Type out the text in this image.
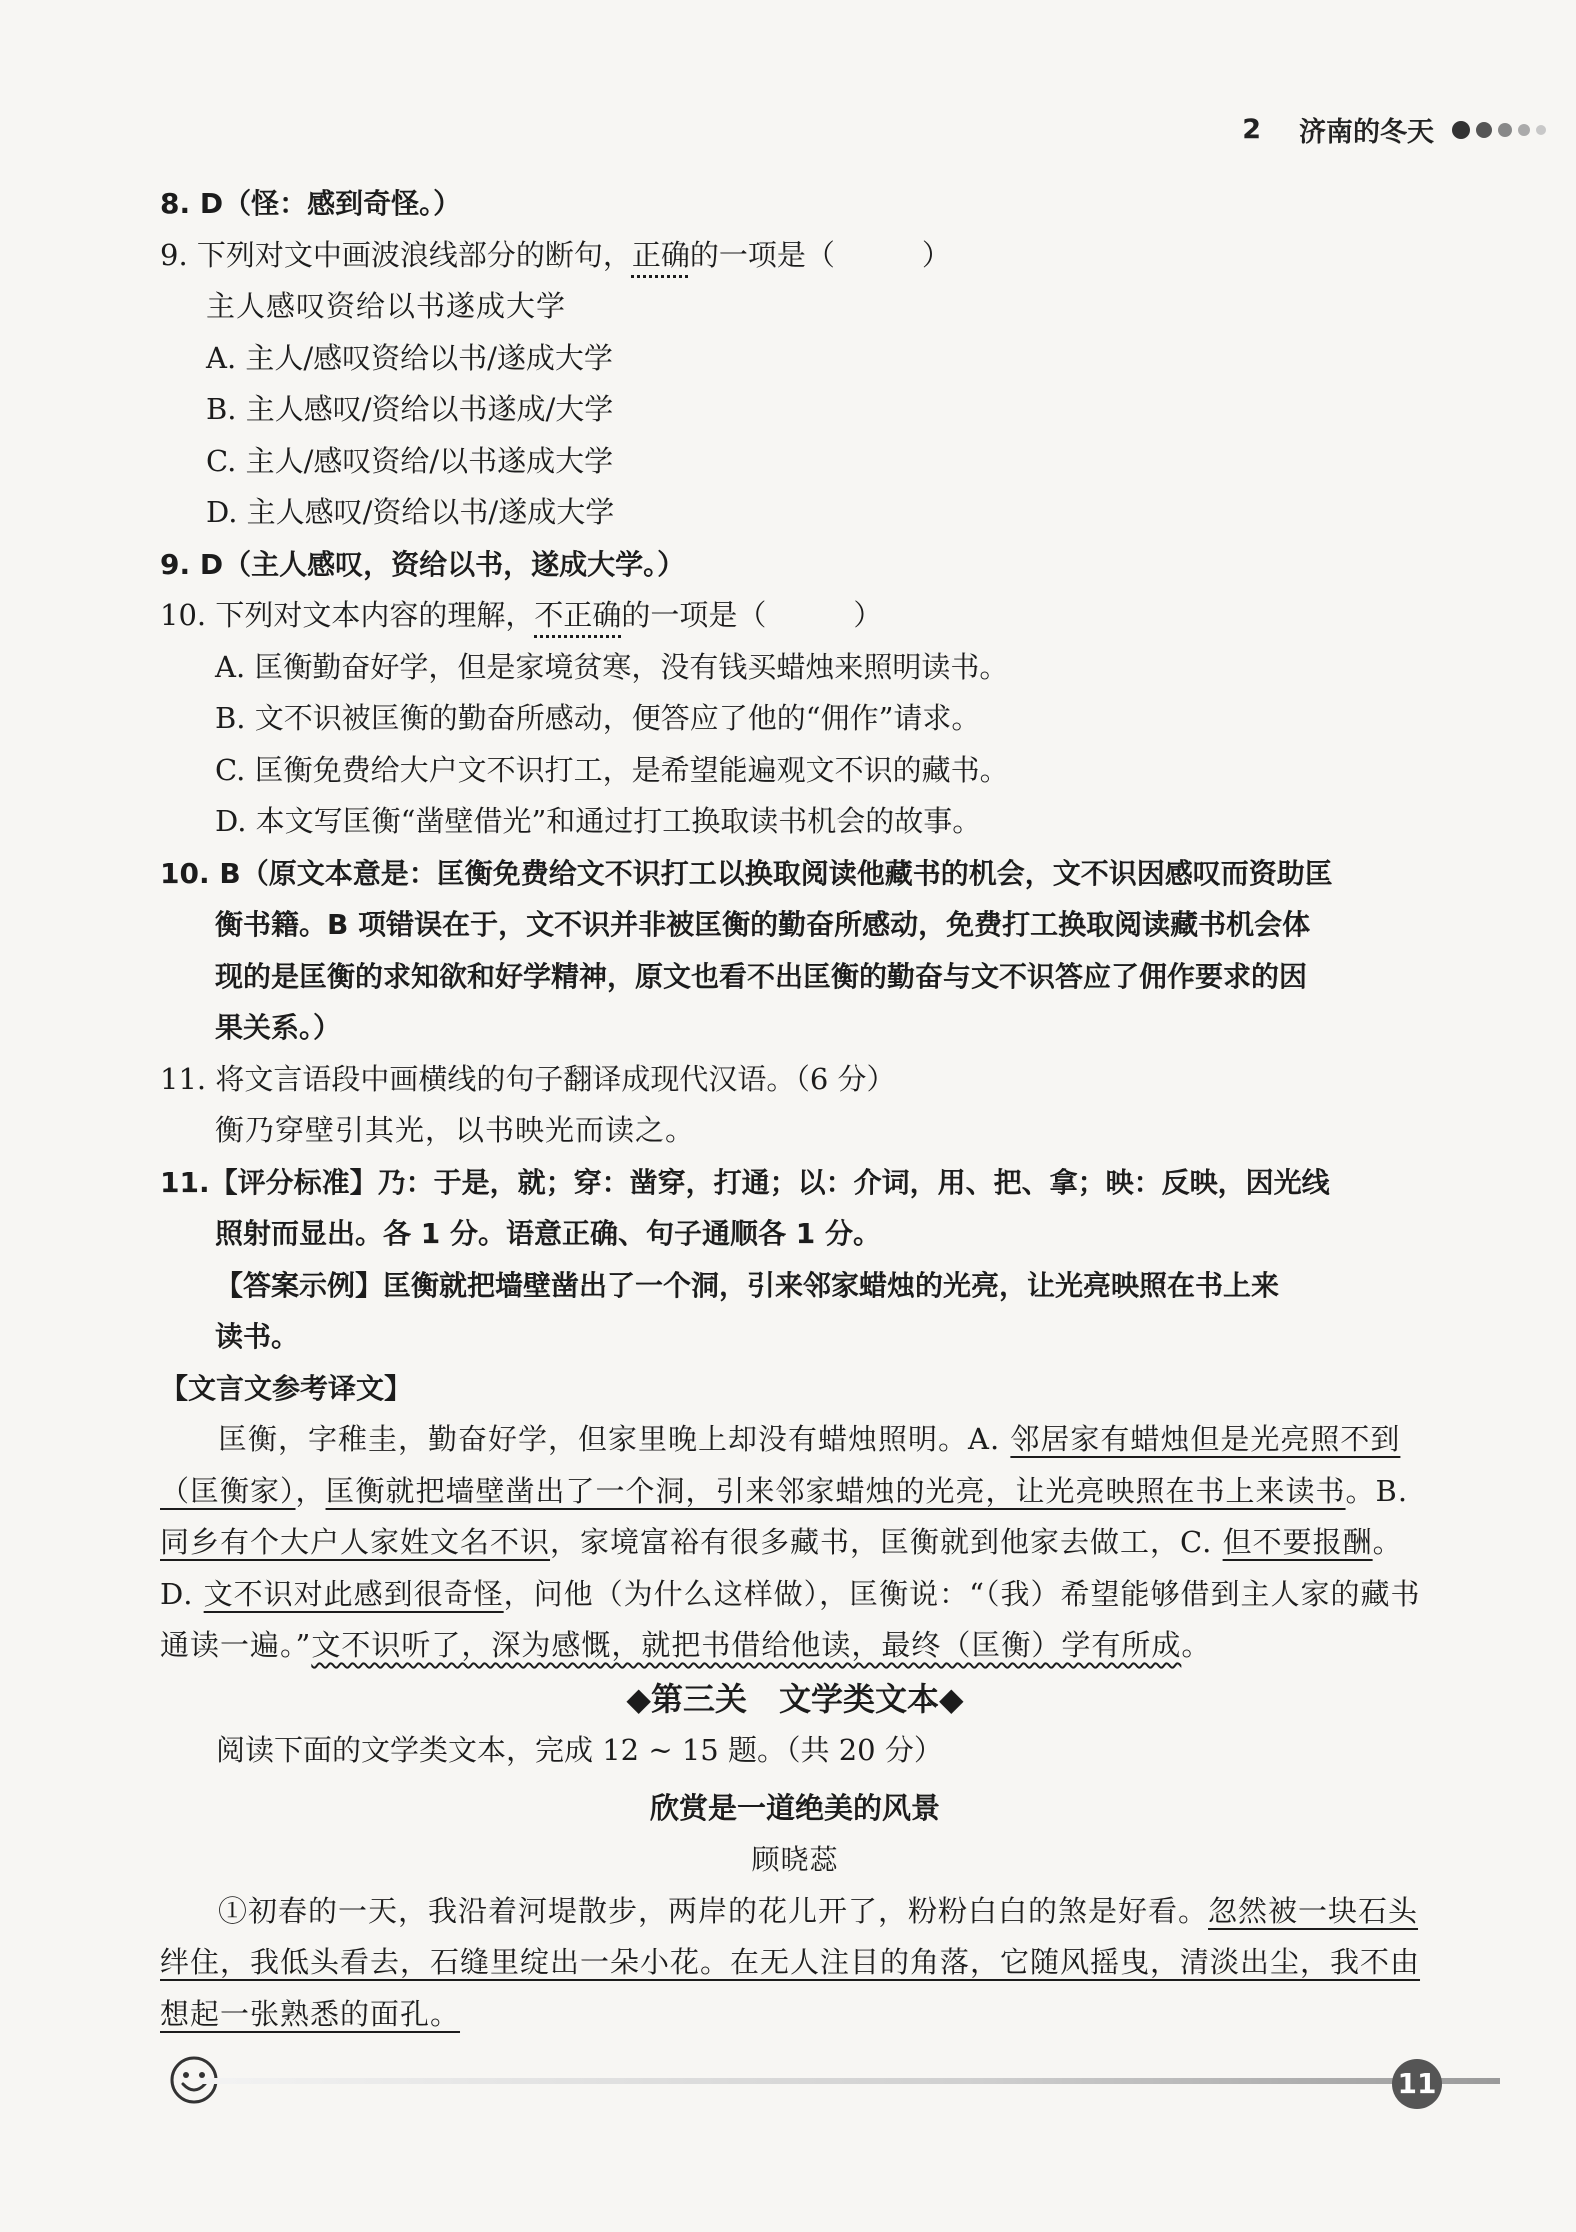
2 济南的冬天
8. D（怪：感到奇怪。）
9. 下列对文中画波浪线部分的断句，正确的一项是（　　　）
主人感叹资给以书遂成大学
A. 主人/感叹资给以书/遂成大学
B. 主人感叹/资给以书遂成/大学
C. 主人/感叹资给/以书遂成大学
D. 主人感叹/资给以书/遂成大学
9. D（主人感叹，资给以书，遂成大学。）
10. 下列对文本内容的理解，不正确的一项是（　　　）
A. 匡衡勤奋好学，但是家境贫寒，没有钱买蜡烛来照明读书。
B. 文不识被匡衡的勤奋所感动，便答应了他的“佣作”请求。
C. 匡衡免费给大户文不识打工，是希望能遍观文不识的藏书。
D. 本文写匡衡“凿壁借光”和通过打工换取读书机会的故事。
10. B（原文本意是：匡衡免费给文不识打工以换取阅读他藏书的机会，文不识因感叹而资助匡
衡书籍。B 项错误在于，文不识并非被匡衡的勤奋所感动，免费打工换取阅读藏书机会体
现的是匡衡的求知欲和好学精神，原文也看不出匡衡的勤奋与文不识答应了佣作要求的因
果关系。）
11. 将文言语段中画横线的句子翻译成现代汉语。（6 分）
衡乃穿壁引其光，以书映光而读之。
11.【评分标准】乃：于是，就；穿：凿穿，打通；以：介词，用、把、拿；映：反映，因光线
照射而显出。各 1 分。语意正确、句子通顺各 1 分。
【答案示例】匡衡就把墙壁凿出了一个洞，引来邻家蜡烛的光亮，让光亮映照在书上来
读书。
【文言文参考译文】
匡衡，字稚圭，勤奋好学，但家里晚上却没有蜡烛照明。A. 邻居家有蜡烛但是光亮照不到（匡衡家），匡衡就把墙壁凿出了一个洞，引来邻家蜡烛的光亮，让光亮映照在书上来读书。B. 同乡有个大户人家姓文名不识，家境富裕有很多藏书，匡衡就到他家去做工，C. 但不要报酬。D. 文不识对此感到很奇怪，问他（为什么这样做），匡衡说：“（我）希望能够借到主人家的藏书通读一遍。”文不识听了，深为感慨，就把书借给他读，最终（匡衡）学有所成。
◆第三关　文学类文本◆
阅读下面的文学类文本，完成 12 ~ 15 题。（共 20 分）
欣赏是一道绝美的风景
顾晓蕊
①初春的一天，我沿着河堤散步，两岸的花儿开了，粉粉白白的煞是好看。忽然被一块石头绊住，我低头看去，石缝里绽出一朵小花。在无人注目的角落，它随风摇曳，清淡出尘，我不由想起一张熟悉的面孔。
11
